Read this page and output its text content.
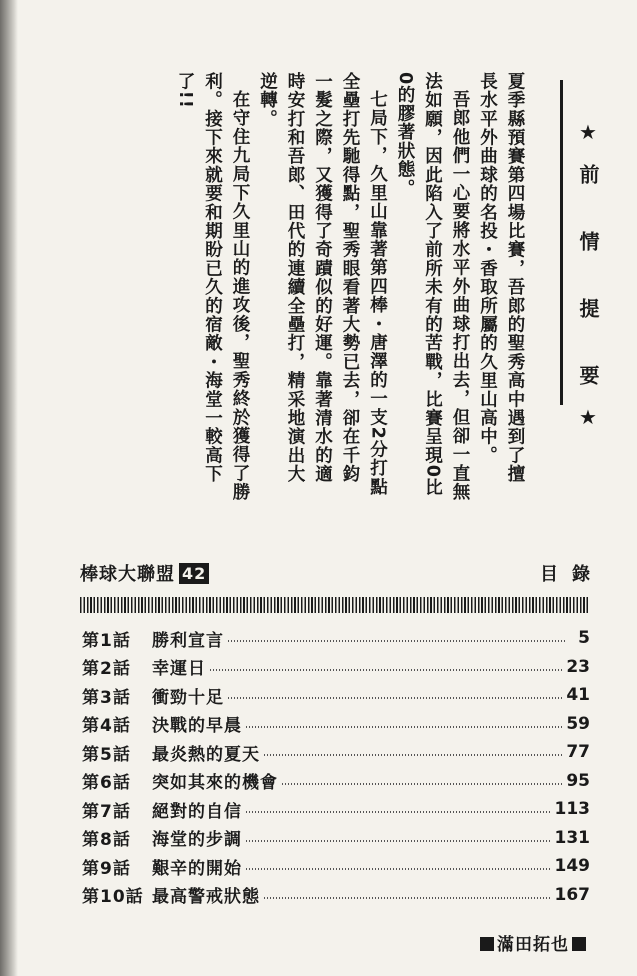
★前 情 提 要★

夏季縣預賽第四場比賽，吾郎的聖秀高中遇到了擅長水平外曲球的名投・香取所屬的久里山高中。

吾郎他們一心要將水平外曲球打出去，但卻一直無法如願，因此陷入了前所未有的苦戰，比賽呈現0比0的膠著狀態。

七局下，久里山靠著第四棒・唐澤的一支2分打點全壘打先馳得點，聖秀眼看著大勢已去，卻在千鈞一髮之際，又獲得了奇蹟似的好運。靠著清水的適時安打和吾郎、田代的連續全壘打，精采地演出大逆轉。

在守住九局下久里山的進攻後，聖秀終於獲得了勝利。接下來就要和期盼已久的宿敵・海堂一較高下了!!

棒球大聯盟 42	目錄
第1話	勝利宣言	5
第2話	幸運日	23
第3話	衝勁十足	41
第4話	決戰的早晨	59
第5話	最炎熱的夏天	77
第6話	突如其來的機會	95
第7話	絕對的自信	113
第8話	海堂的步調	131
第9話	艱辛的開始	149
第10話 最高警戒狀態	167
滿田拓也
